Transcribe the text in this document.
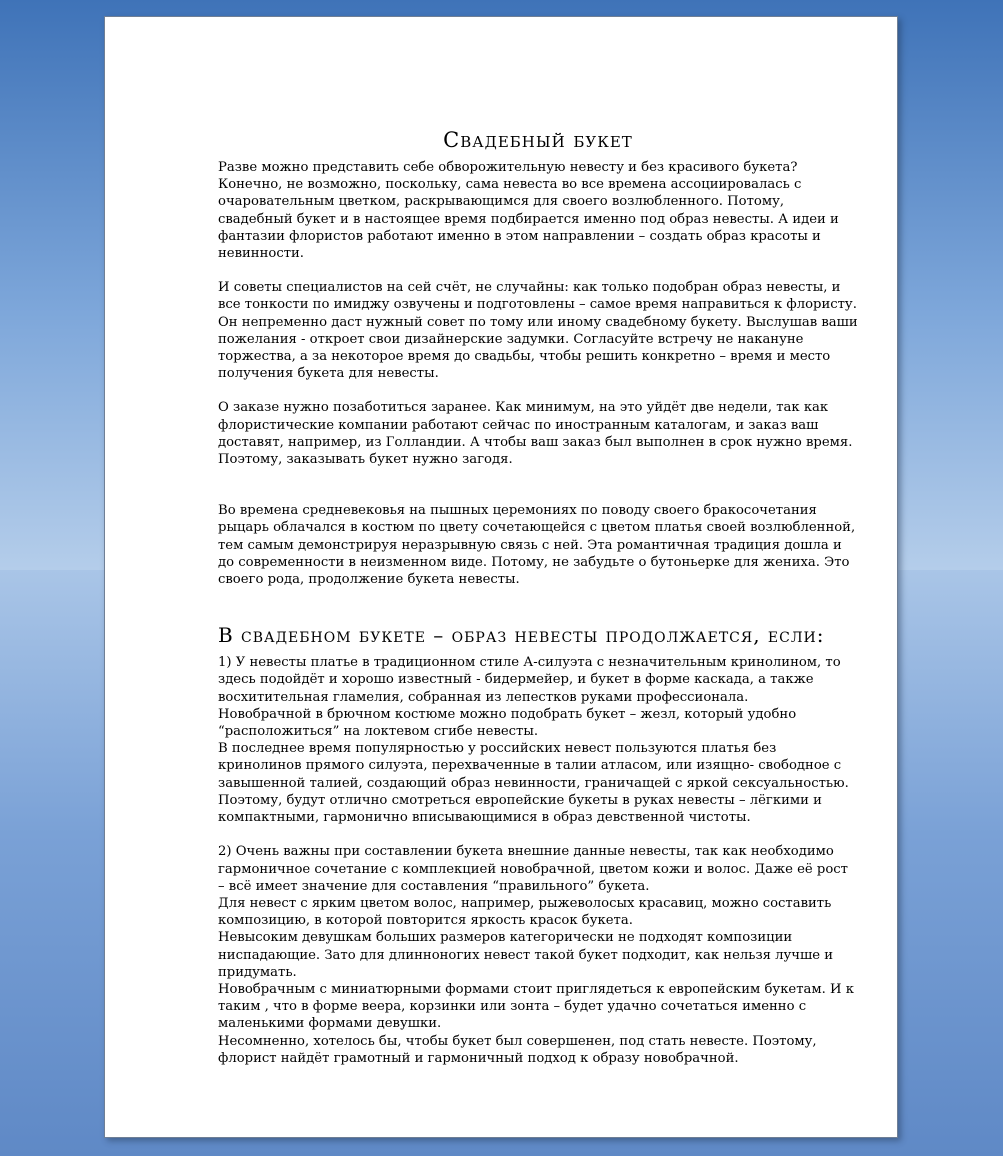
Свадебный букет

Разве можно представить себе обворожительную невесту и без красивого букета? Конечно, не возможно, поскольку, сама невеста во все времена ассоциировалась с очаровательным цветком, раскрывающимся для своего возлюбленного. Потому, свадебный букет и в настоящее время подбирается именно под образ невесты. А идеи и фантазии флористов работают именно в этом направлении – создать образ красоты и невинности.

И советы специалистов на сей счёт, не случайны: как только подобран образ невесты, и все тонкости по имиджу озвучены и подготовлены – самое время направиться к флористу. Он непременно даст нужный совет по тому или иному свадебному букету. Выслушав ваши пожелания - откроет свои дизайнерские задумки. Согласуйте встречу не накануне торжества, а за некоторое время до свадьбы, чтобы решить конкретно – время и место получения букета для невесты.

О заказе нужно позаботиться заранее. Как минимум, на это уйдёт две недели, так как флористические компании работают сейчас по иностранным каталогам, и заказ ваш доставят, например, из Голландии. А чтобы ваш заказ был выполнен в срок нужно время. Поэтому, заказывать букет нужно загодя.

Во времена средневековья на пышных церемониях по поводу своего бракосочетания рыцарь облачался в костюм по цвету сочетающейся с цветом платья своей возлюбленной, тем самым демонстрируя неразрывную связь с ней. Эта романтичная традиция дошла и до современности в неизменном виде. Потому, не забудьте о бутоньерке для жениха. Это своего рода, продолжение букета невесты.

В свадебном букете – образ невесты продолжается, если:

1) У невесты платье в традиционном стиле А-силуэта с незначительным кринолином, то здесь подойдёт и хорошо известный - бидермейер, и букет в форме каскада, а также восхитительная гламелия, собранная из лепестков руками профессионала.

Новобрачной в брючном костюме можно подобрать букет – жезл, который удобно “расположиться” на локтевом сгибе невесты.

В последнее время популярностью у российских невест пользуются платья без кринолинов прямого силуэта, перехваченные в талии атласом, или изящно- свободное с завышенной талией, создающий образ невинности, граничащей с яркой сексуальностью. Поэтому, будут отлично смотреться европейские букеты в руках невесты – лёгкими и компактными, гармонично вписывающимися в образ девственной чистоты.

2) Очень важны при составлении букета внешние данные невесты, так как необходимо гармоничное сочетание с комплекцией новобрачной, цветом кожи и волос. Даже её рост – всё имеет значение для составления “правильного” букета.

Для невест с ярким цветом волос, например, рыжеволосых красавиц, можно составить композицию, в которой повторится яркость красок букета.

Невысоким девушкам больших размеров категорически не подходят композиции ниспадающие. Зато для длинноногих невест такой букет подходит, как нельзя лучше и придумать.

Новобрачным с миниатюрными формами стоит приглядеться к европейским букетам. И к таким , что в форме веера, корзинки или зонта – будет удачно сочетаться именно с маленькими формами девушки.

Несомненно, хотелось бы, чтобы букет был совершенен, под стать невесте. Поэтому, флорист найдёт грамотный и гармоничный подход к образу новобрачной.
